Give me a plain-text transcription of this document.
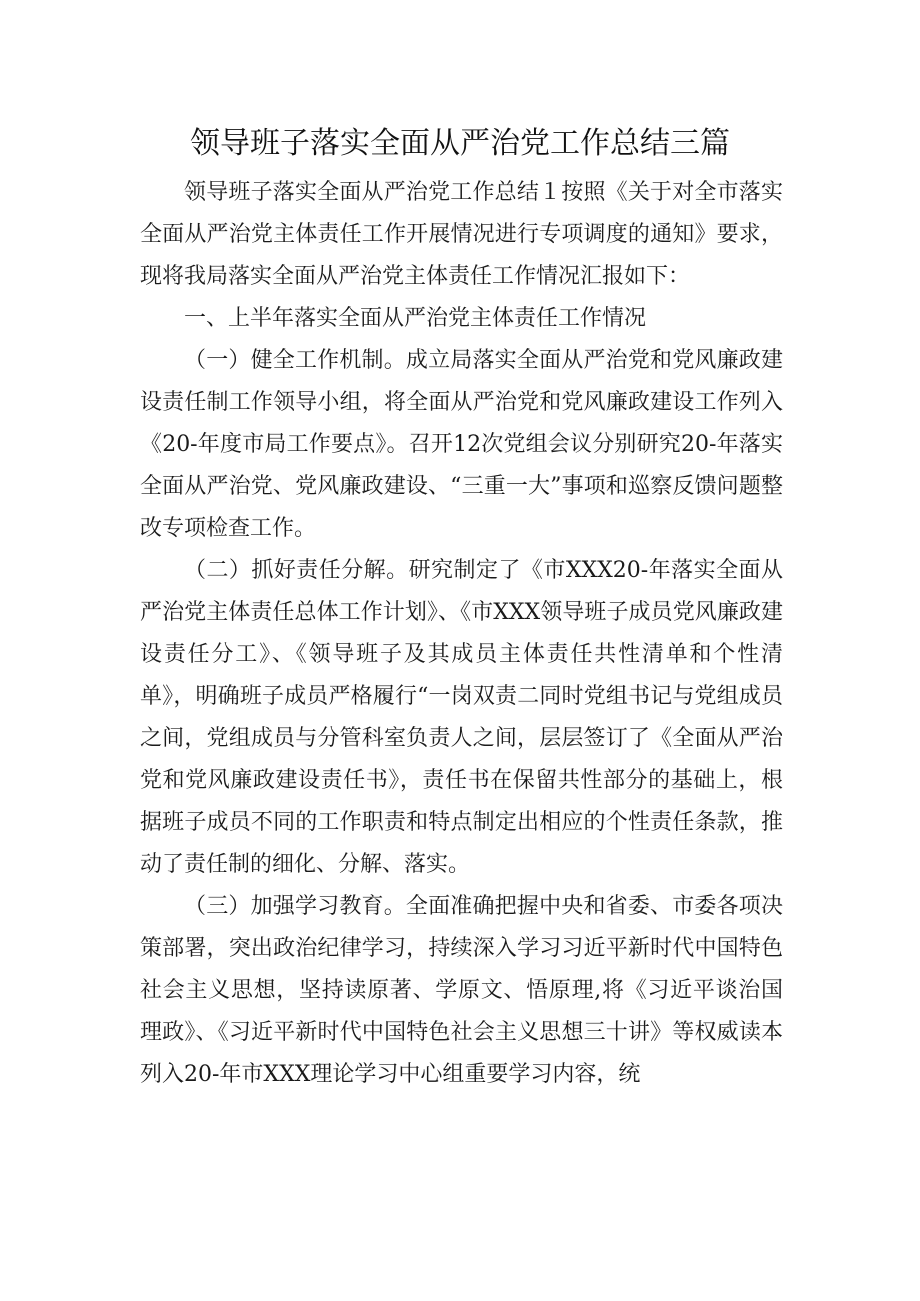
领导班子落实全面从严治党工作总结三篇

领导班子落实全面从严治党工作总结１按照《关于对全市落实全面从严治党主体责任工作开展情况进行专项调度的通知》要求，现将我局落实全面从严治党主体责任工作情况汇报如下：

一、上半年落实全面从严治党主体责任工作情况

（一）健全工作机制。成立局落实全面从严治党和党风廉政建设责任制工作领导小组，将全面从严治党和党风廉政建设工作列入《20-年度市局工作要点》。召开12次党组会议分别研究20-年落实全面从严治党、党风廉政建设、“三重一大”事项和巡察反馈问题整改专项检查工作。

（二）抓好责任分解。研究制定了《市XXX20-年落实全面从严治党主体责任总体工作计划》、《市XXX领导班子成员党风廉政建设责任分工》、《领导班子及其成员主体责任共性清单和个性清单》，明确班子成员严格履行“一岗双责二同时党组书记与党组成员之间，党组成员与分管科室负责人之间，层层签订了《全面从严治党和党风廉政建设责任书》，责任书在保留共性部分的基础上，根据班子成员不同的工作职责和特点制定出相应的个性责任条款，推动了责任制的细化、分解、落实。

（三）加强学习教育。全面准确把握中央和省委、市委各项决策部署，突出政治纪律学习，持续深入学习习近平新时代中国特色社会主义思想，坚持读原著、学原文、悟原理,将《习近平谈治国理政》、《习近平新时代中国特色社会主义思想三十讲》等权威读本列入20-年市XXX理论学习中心组重要学习内容，统
